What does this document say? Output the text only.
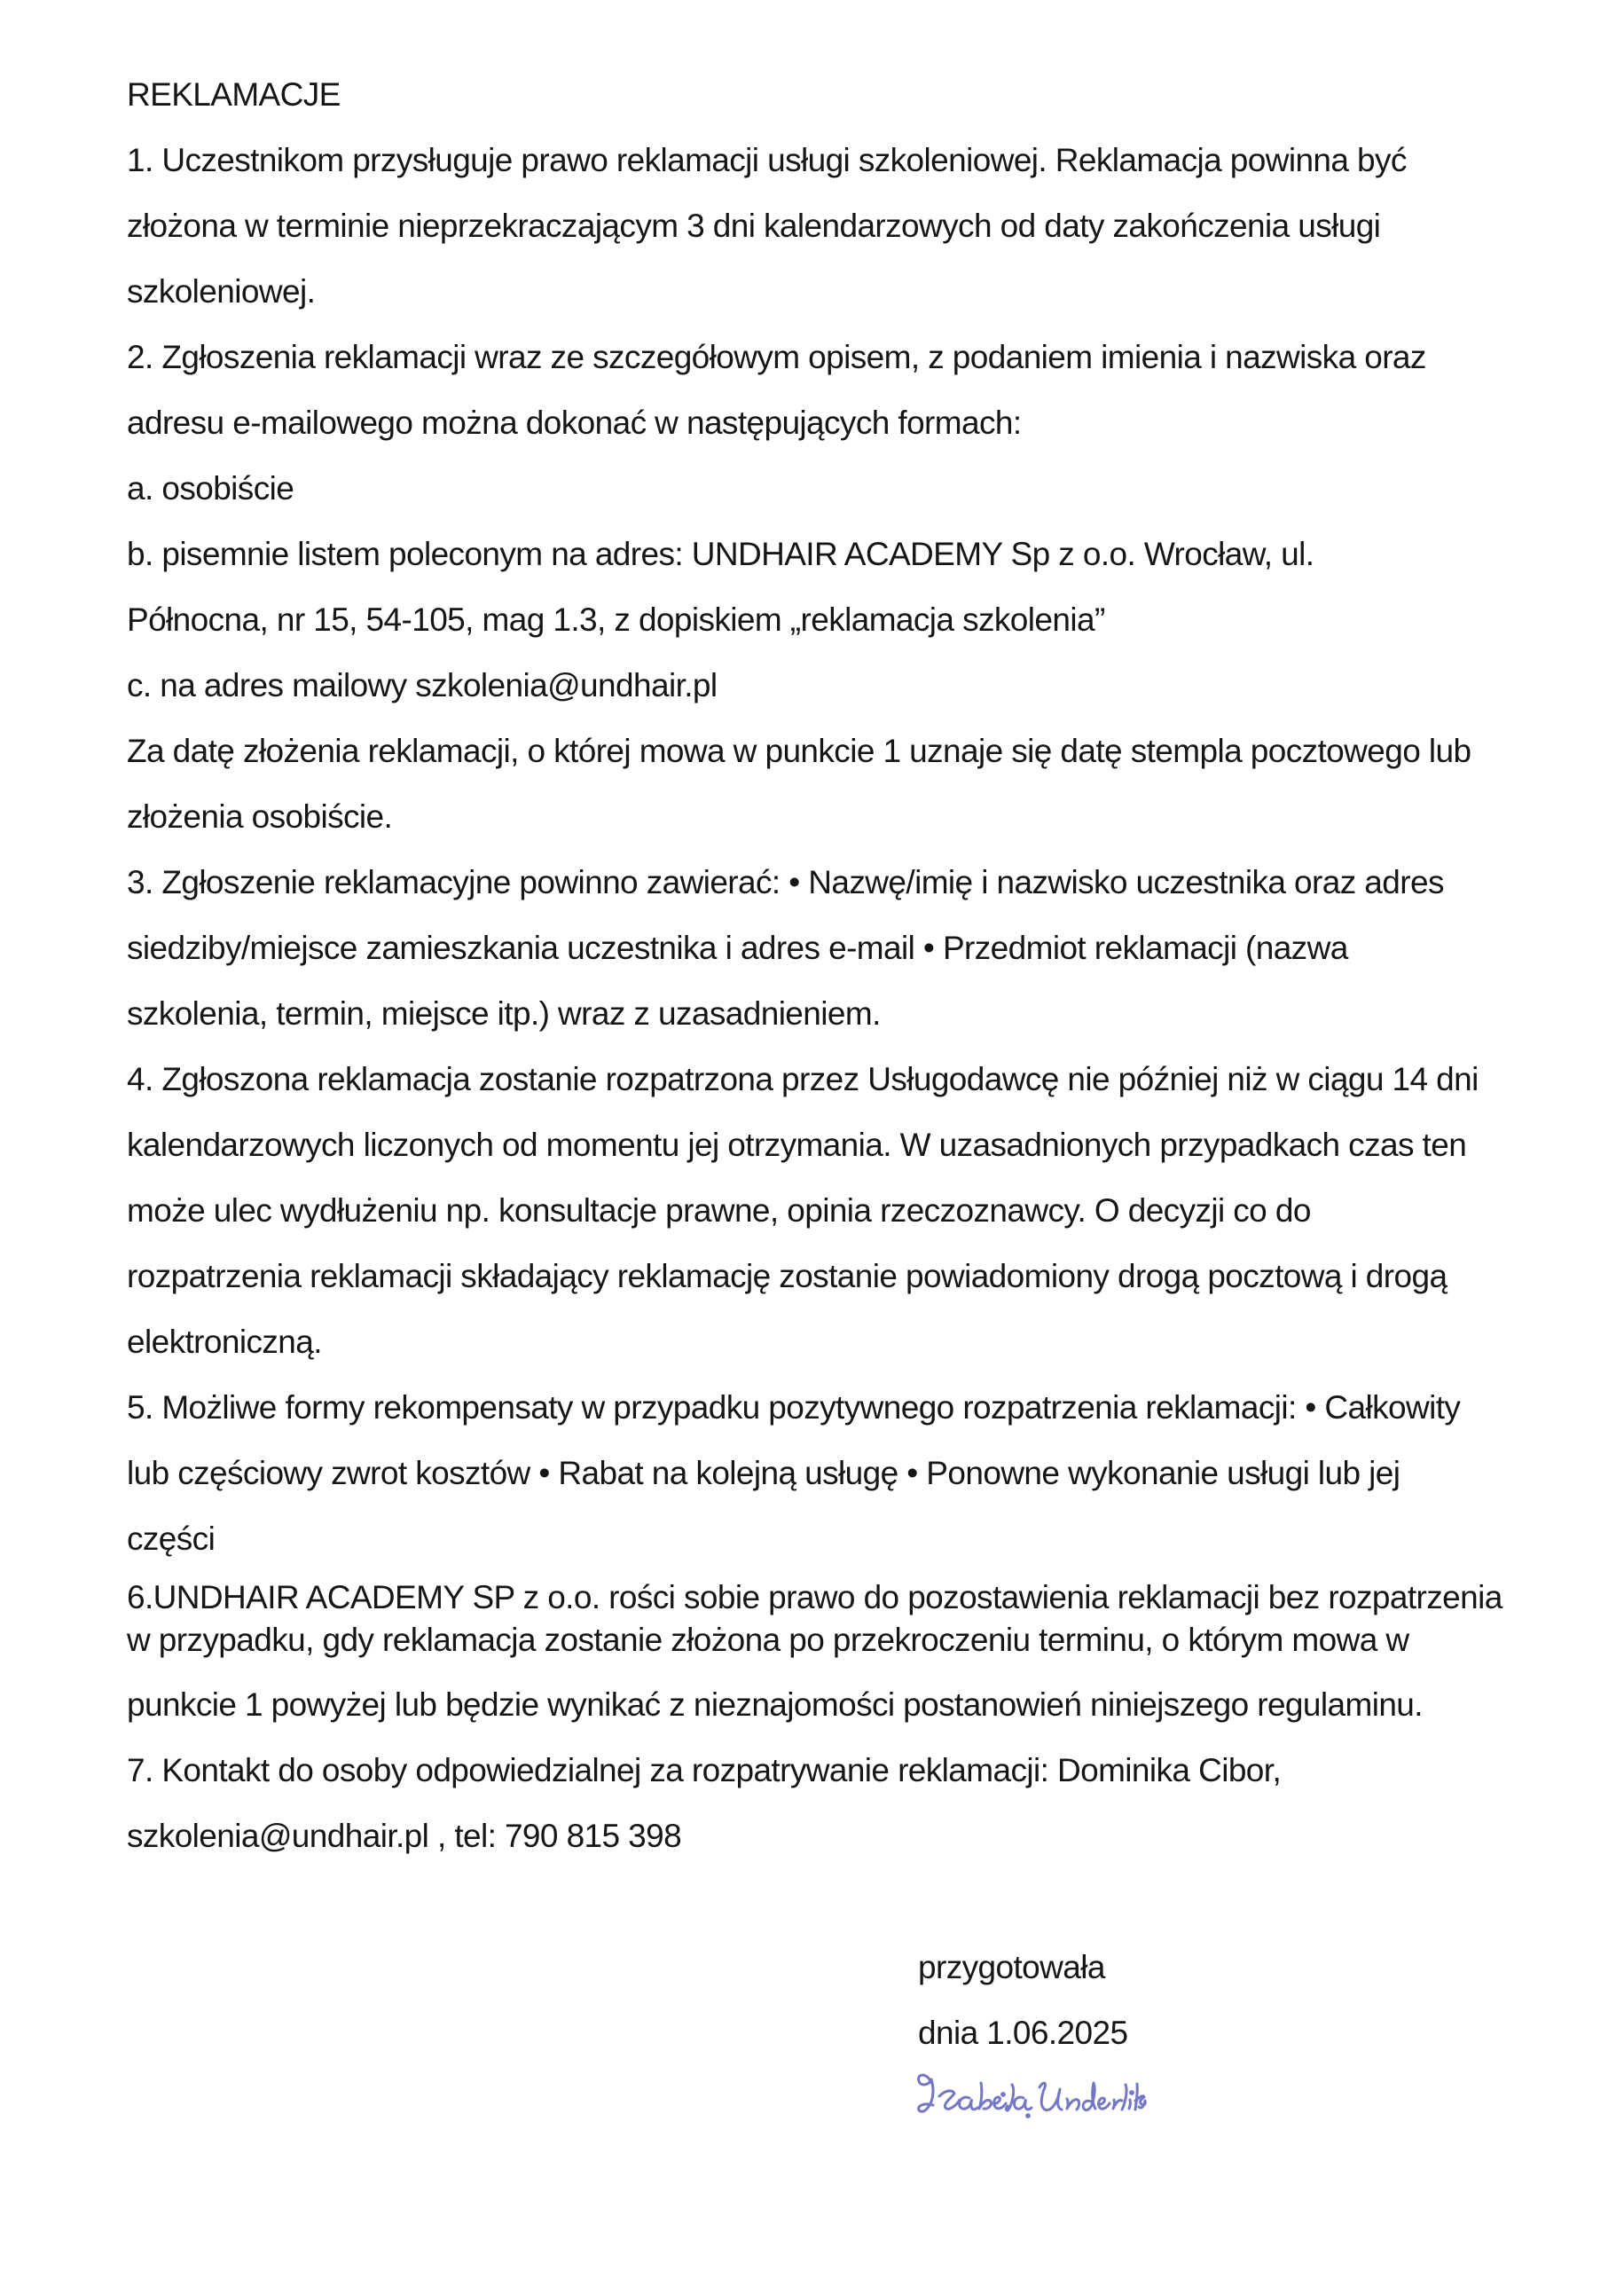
REKLAMACJE
1. Uczestnikom przysługuje prawo reklamacji usługi szkoleniowej. Reklamacja powinna być
złożona w terminie nieprzekraczającym 3 dni kalendarzowych od daty zakończenia usługi
szkoleniowej.
2. Zgłoszenia reklamacji wraz ze szczegółowym opisem, z podaniem imienia i nazwiska oraz
adresu e-mailowego można dokonać w następujących formach:
a. osobiście
b. pisemnie listem poleconym na adres: UNDHAIR ACADEMY Sp z o.o. Wrocław, ul.
Północna, nr 15, 54-105, mag 1.3, z dopiskiem „reklamacja szkolenia”
c. na adres mailowy szkolenia@undhair.pl
Za datę złożenia reklamacji, o której mowa w punkcie 1 uznaje się datę stempla pocztowego lub
złożenia osobiście.
3. Zgłoszenie reklamacyjne powinno zawierać: • Nazwę/imię i nazwisko uczestnika oraz adres
siedziby/miejsce zamieszkania uczestnika i adres e-mail • Przedmiot reklamacji (nazwa
szkolenia, termin, miejsce itp.) wraz z uzasadnieniem.
4. Zgłoszona reklamacja zostanie rozpatrzona przez Usługodawcę nie później niż w ciągu 14 dni
kalendarzowych liczonych od momentu jej otrzymania. W uzasadnionych przypadkach czas ten
może ulec wydłużeniu np. konsultacje prawne, opinia rzeczoznawcy. O decyzji co do
rozpatrzenia reklamacji składający reklamację zostanie powiadomiony drogą pocztową i drogą
elektroniczną.
5. Możliwe formy rekompensaty w przypadku pozytywnego rozpatrzenia reklamacji: • Całkowity
lub częściowy zwrot kosztów • Rabat na kolejną usługę • Ponowne wykonanie usługi lub jej
części
6.UNDHAIR ACADEMY SP z o.o. rości sobie prawo do pozostawienia reklamacji bez rozpatrzenia
w przypadku, gdy reklamacja zostanie złożona po przekroczeniu terminu, o którym mowa w
punkcie 1 powyżej lub będzie wynikać z nieznajomości postanowień niniejszego regulaminu.
7. Kontakt do osoby odpowiedzialnej za rozpatrywanie reklamacji: Dominika Cibor,
szkolenia@undhair.pl , tel: 790 815 398
przygotowała
dnia 1.06.2025
